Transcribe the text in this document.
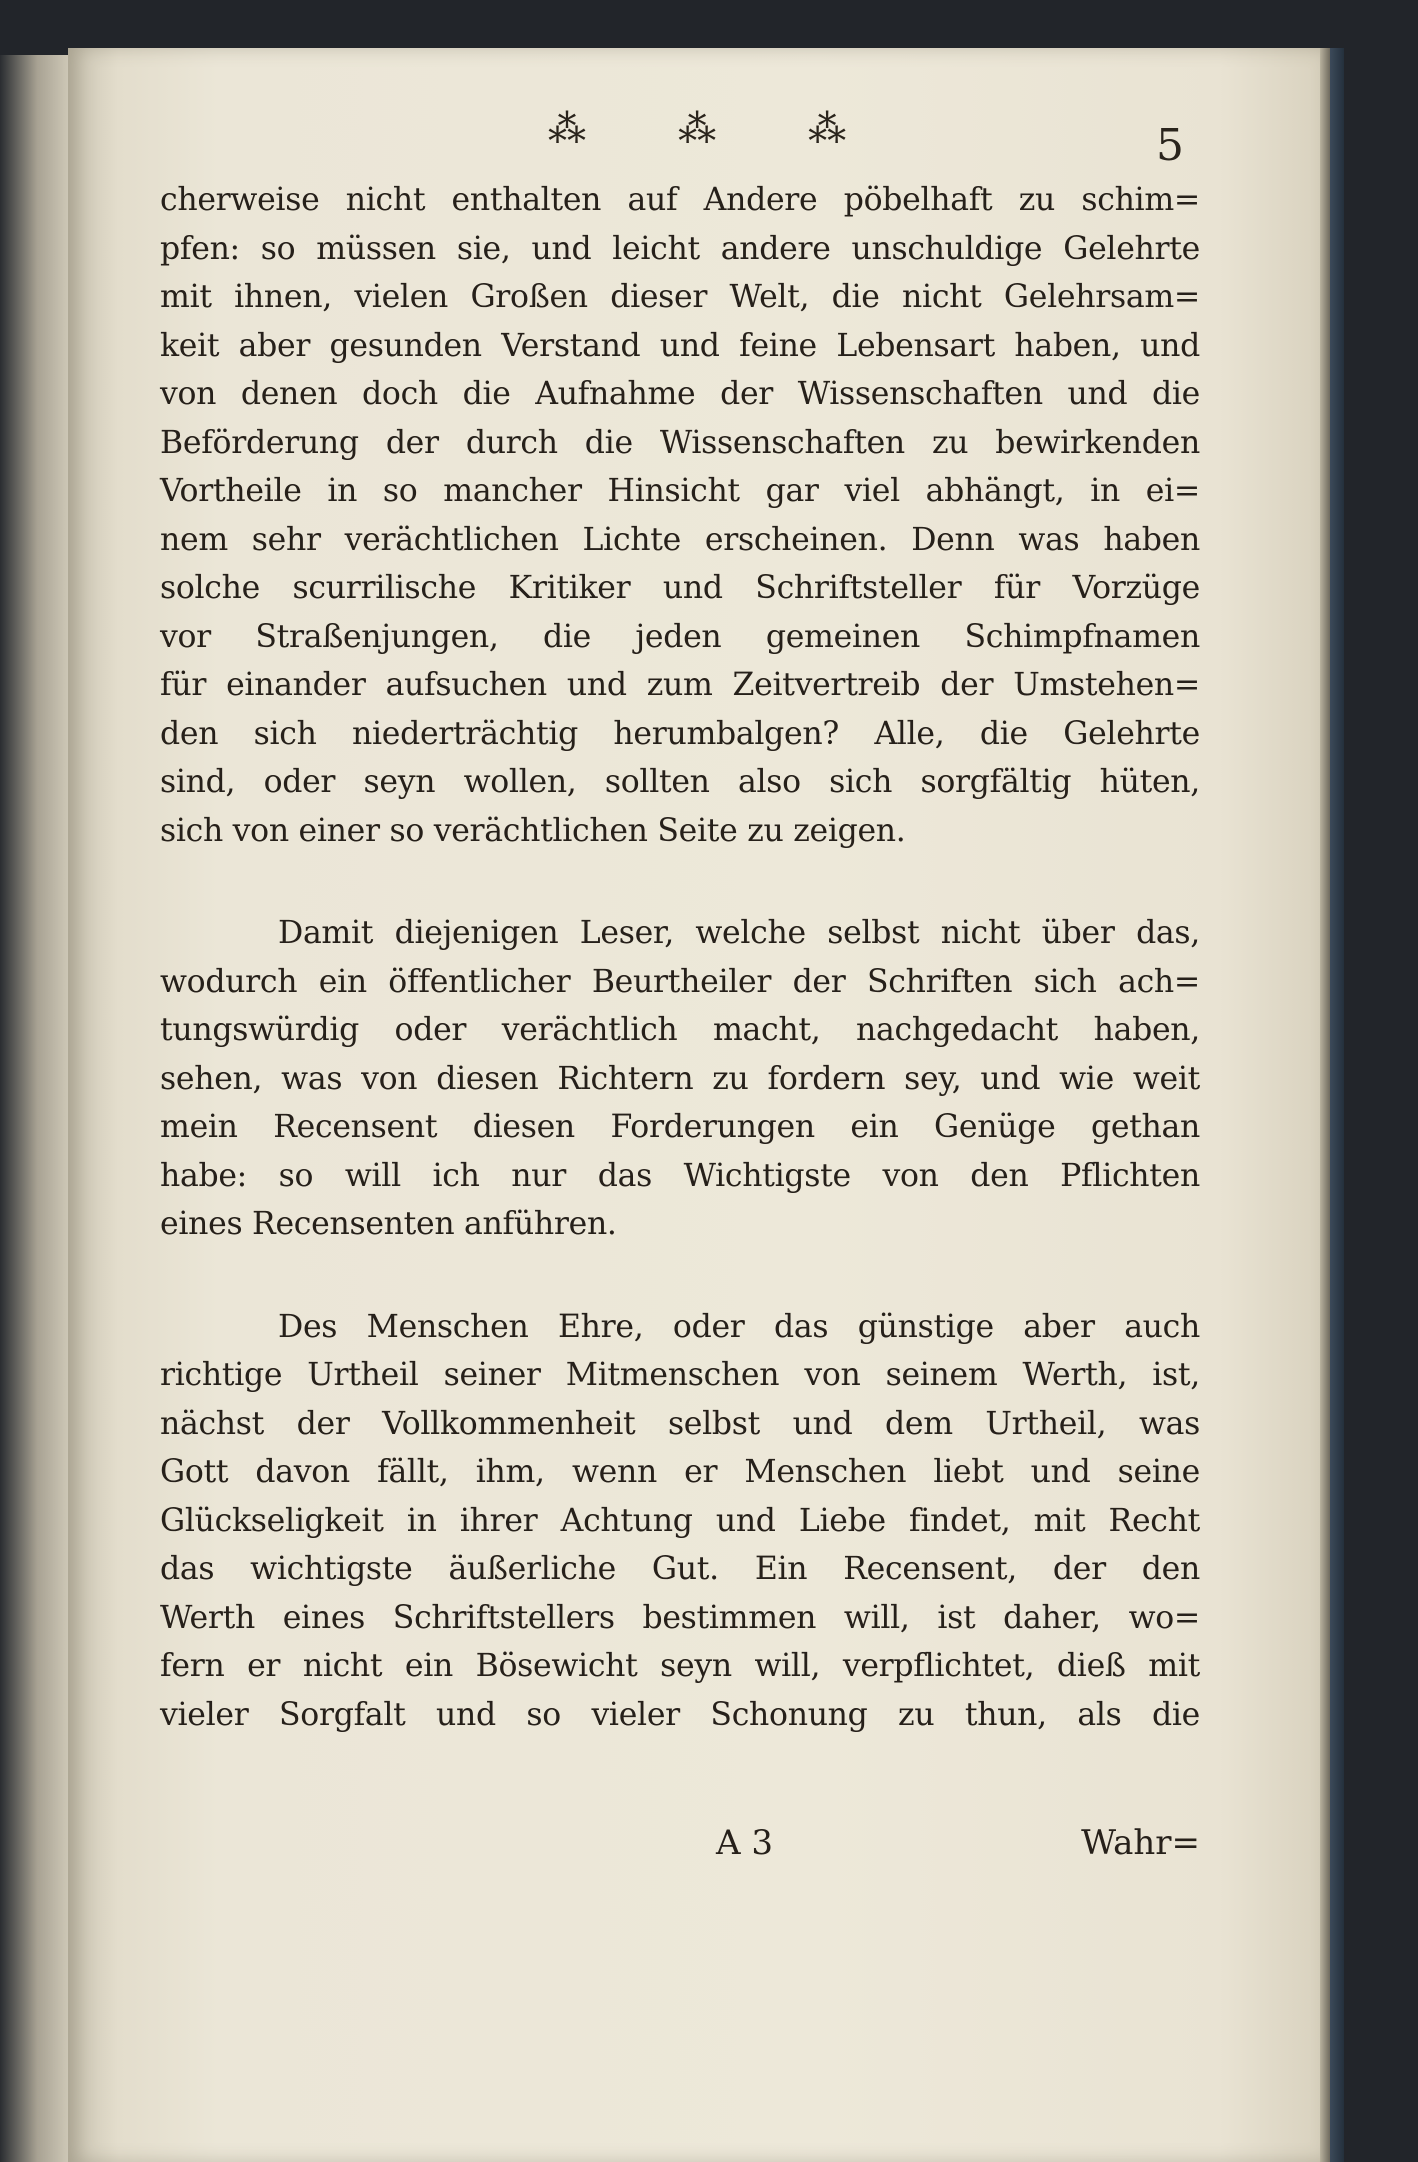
⁂ ⁂ ⁂	5
cherweise nicht enthalten auf Andere pöbelhaft zu schim=
pfen: so müssen sie, und leicht andere unschuldige Gelehrte
mit ihnen, vielen Großen dieser Welt, die nicht Gelehrsam=
keit aber gesunden Verstand und feine Lebensart haben, und
von denen doch die Aufnahme der Wissenschaften und die
Beförderung der durch die Wissenschaften zu bewirkenden
Vortheile in so mancher Hinsicht gar viel abhängt, in ei=
nem sehr verächtlichen Lichte erscheinen. Denn was haben
solche scurrilische Kritiker und Schriftsteller für Vorzüge
vor Straßenjungen, die jeden gemeinen Schimpfnamen
für einander aufsuchen und zum Zeitvertreib der Umstehen=
den sich niederträchtig herumbalgen? Alle, die Gelehrte
sind, oder seyn wollen, sollten also sich sorgfältig hüten,
sich von einer so verächtlichen Seite zu zeigen.
Damit diejenigen Leser, welche selbst nicht über das,
wodurch ein öffentlicher Beurtheiler der Schriften sich ach=
tungswürdig oder verächtlich macht, nachgedacht haben,
sehen, was von diesen Richtern zu fordern sey, und wie weit
mein Recensent diesen Forderungen ein Genüge gethan
habe: so will ich nur das Wichtigste von den Pflichten
eines Recensenten anführen.
Des Menschen Ehre, oder das günstige aber auch
richtige Urtheil seiner Mitmenschen von seinem Werth, ist,
nächst der Vollkommenheit selbst und dem Urtheil, was
Gott davon fällt, ihm, wenn er Menschen liebt und seine
Glückseligkeit in ihrer Achtung und Liebe findet, mit Recht
das wichtigste äußerliche Gut. Ein Recensent, der den
Werth eines Schriftstellers bestimmen will, ist daher, wo=
fern er nicht ein Bösewicht seyn will, verpflichtet, dieß mit
vieler Sorgfalt und so vieler Schonung zu thun, als die
A 3	Wahr=
